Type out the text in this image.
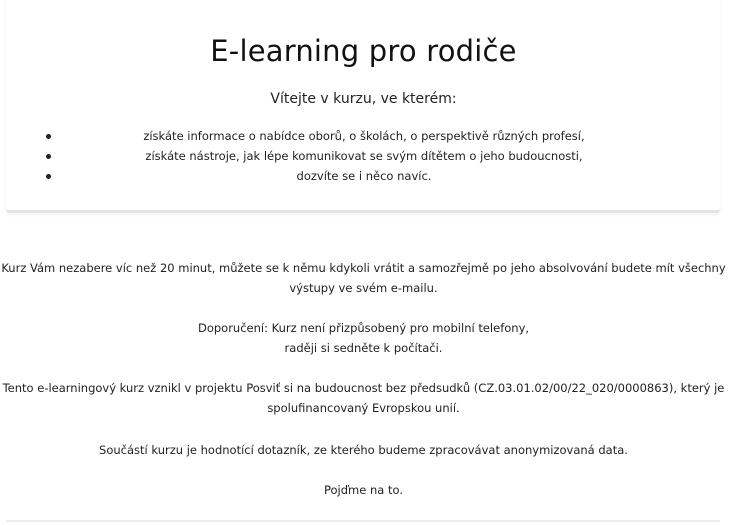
E-learning pro rodiče
Vítejte v kurzu, ve kterém:
získáte informace o nabídce oborů, o školách, o perspektivě různých profesí,
získáte nástroje, jak lépe komunikovat se svým dítětem o jeho budoucnosti,
dozvíte se i něco navíc.

Kurz Vám nezabere víc než 20 minut, můžete se k němu kdykoli vrátit a samozřejmě po jeho absolvování budete mít všechny
výstupy ve svém e-mailu.

Doporučení: Kurz není přizpůsobený pro mobilní telefony,
raději si sedněte k počítači.

Tento e-learningový kurz vznikl v projektu Posviť si na budoucnost bez předsudků (CZ.03.01.02/00/22_020/0000863), který je
spolufinancovaný Evropskou unií.

Součástí kurzu je hodnotící dotazník, ze kterého budeme zpracovávat anonymizovaná data.

Pojďme na to.
